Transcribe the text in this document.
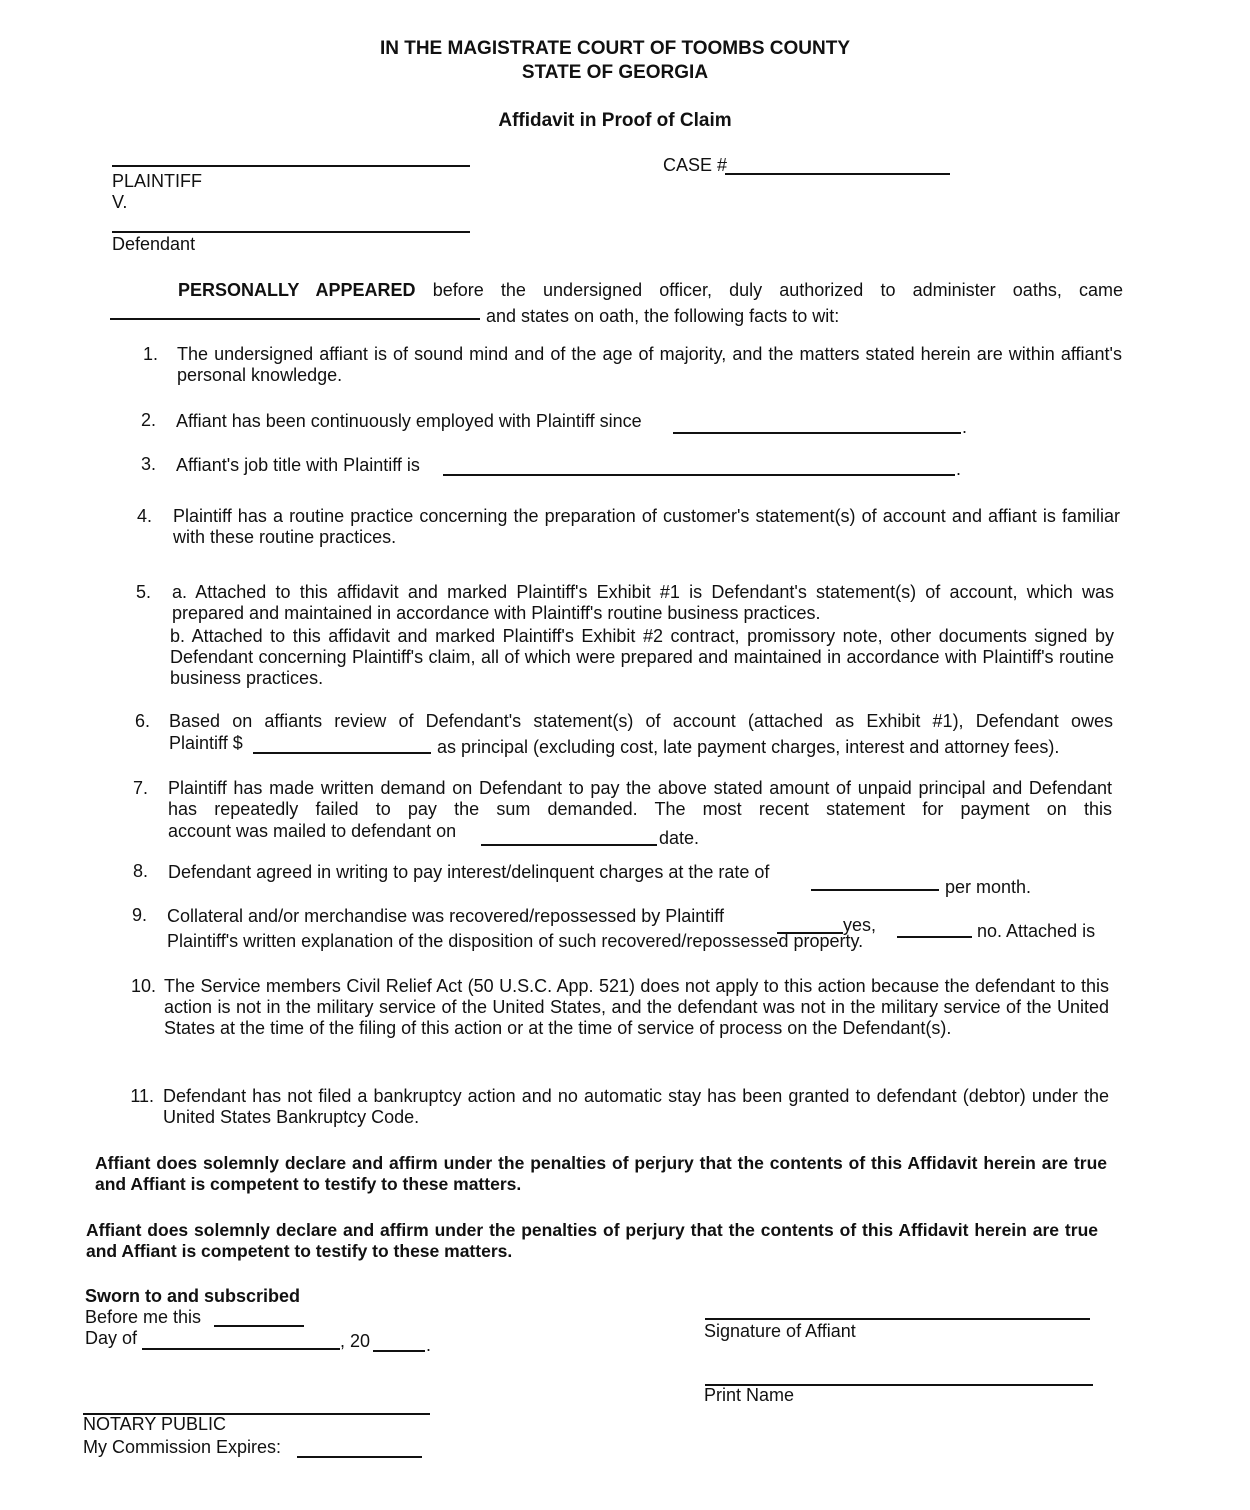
IN THE MAGISTRATE COURT OF TOOMBS COUNTY
STATE OF GEORGIA
Affidavit in Proof of Claim
CASE #
PLAINTIFF
V.
Defendant
PERSONALLY APPEARED before the undersigned officer, duly authorized to administer oaths, came
and states on oath, the following facts to wit:
1. The undersigned affiant is of sound mind and of the age of majority, and the matters stated herein are within affiant's personal knowledge.
2. Affiant has been continuously employed with Plaintiff since	.
3. Affiant's job title with Plaintiff is	.
4. Plaintiff has a routine practice concerning the preparation of customer's statement(s) of account and affiant is familiar with these routine practices.
5. a. Attached to this affidavit and marked Plaintiff's Exhibit #1 is Defendant's statement(s) of account, which was prepared and maintained in accordance with Plaintiff's routine business practices.
b. Attached to this affidavit and marked Plaintiff's Exhibit #2 contract, promissory note, other documents signed by Defendant concerning Plaintiff's claim, all of which were prepared and maintained in accordance with Plaintiff's routine business practices.
6. Based on affiants review of Defendant's statement(s) of account (attached as Exhibit #1), Defendant owes
Plaintiff $	as principal (excluding cost, late payment charges, interest and attorney fees).
7. Plaintiff has made written demand on Defendant to pay the above stated amount of unpaid principal and Defendant has repeatedly failed to pay the sum demanded. The most recent statement for payment on this
account was mailed to defendant on	date.
8. Defendant agreed in writing to pay interest/delinquent charges at the rate of
per month.
9. Collateral and/or merchandise was recovered/repossessed by Plaintiff	yes,	no. Attached is
Plaintiff's written explanation of the disposition of such recovered/repossessed property.
10. The Service members Civil Relief Act (50 U.S.C. App. 521) does not apply to this action because the defendant to this action is not in the military service of the United States, and the defendant was not in the military service of the United States at the time of the filing of this action or at the time of service of process on the Defendant(s).
11. Defendant has not filed a bankruptcy action and no automatic stay has been granted to defendant (debtor) under the United States Bankruptcy Code.
Affiant does solemnly declare and affirm under the penalties of perjury that the contents of this Affidavit herein are true and Affiant is competent to testify to these matters.
Affiant does solemnly declare and affirm under the penalties of perjury that the contents of this Affidavit herein are true and Affiant is competent to testify to these matters.
Sworn to and subscribed
Before me this
Day of	, 20	.
NOTARY PUBLIC
My Commission Expires:
Signature of Affiant
Print Name
